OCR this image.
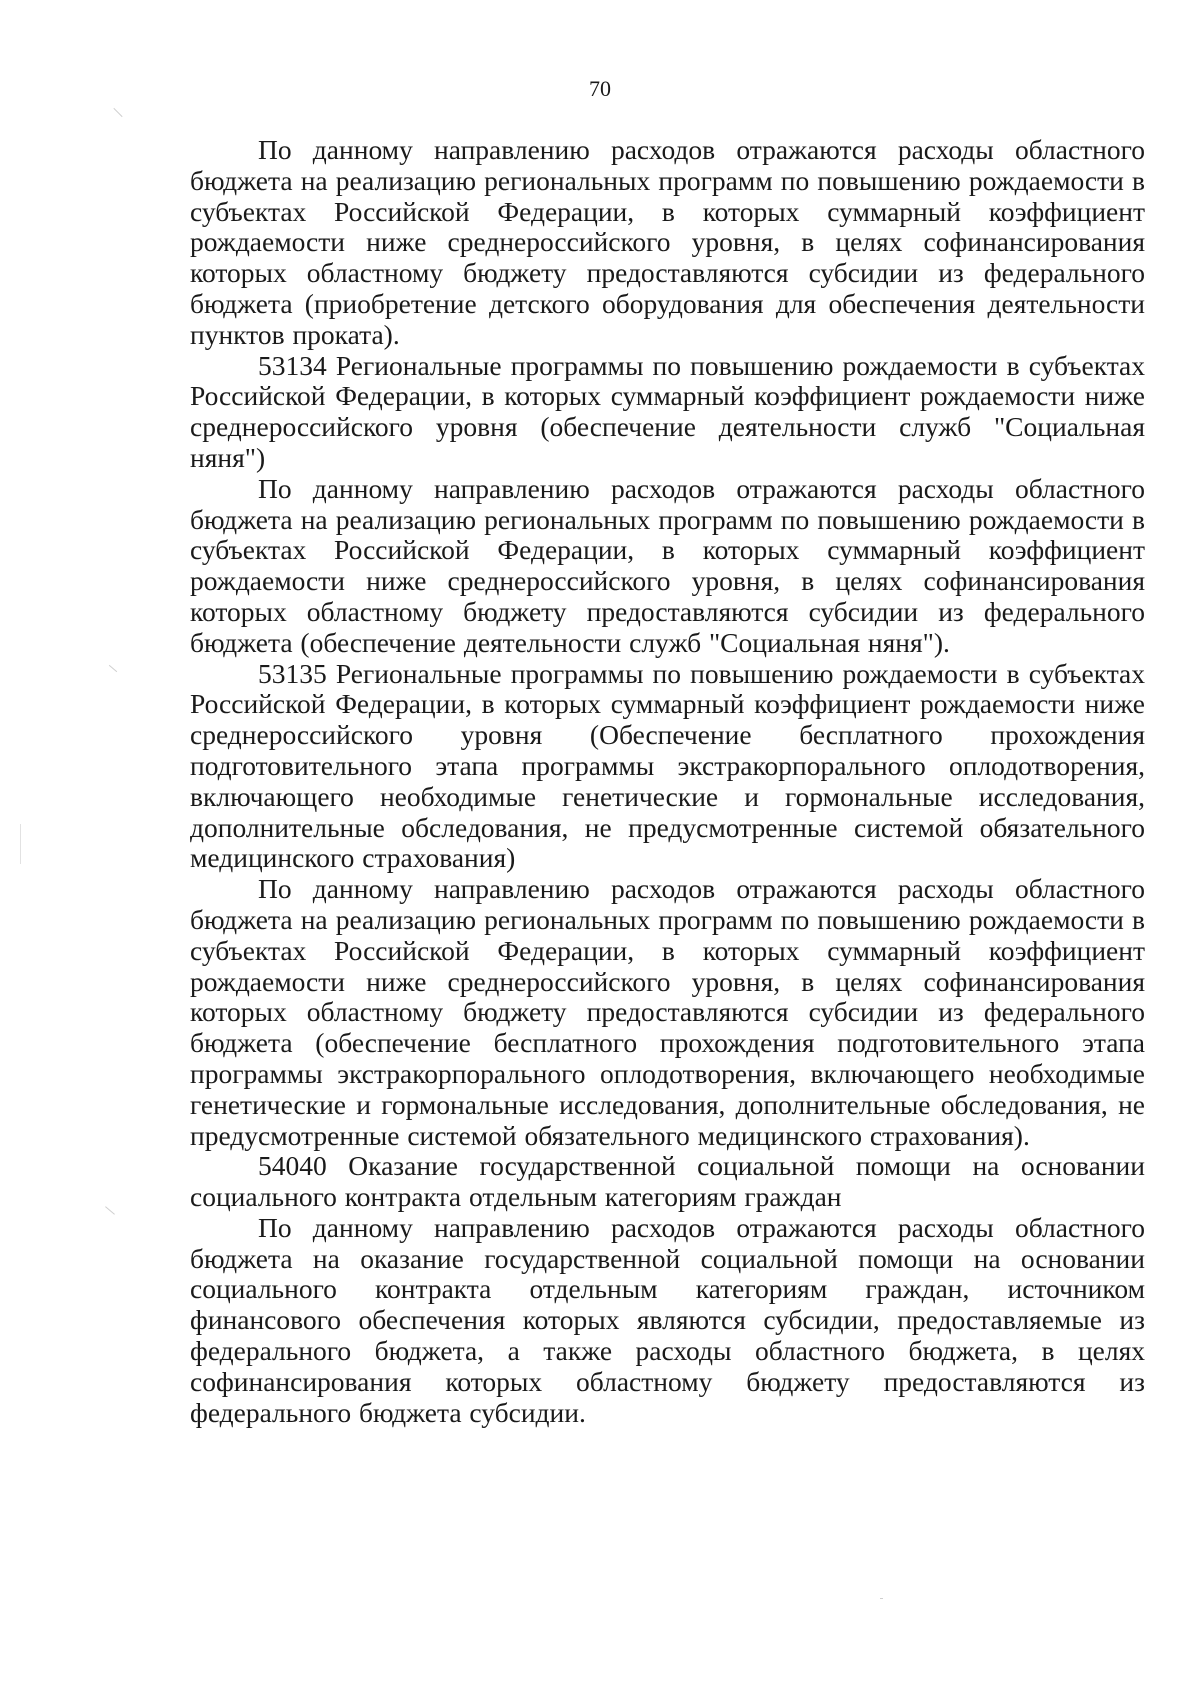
70

По данному направлению расходов отражаются расходы областного бюджета на реализацию региональных программ по повышению рождаемости в субъектах Российской Федерации, в которых суммарный коэффициент рождаемости ниже среднероссийского уровня, в целях софинансирования которых областному бюджету предоставляются субсидии из федерального бюджета (приобретение детского оборудования для обеспечения деятельности пунктов проката).

53134 Региональные программы по повышению рождаемости в субъектах Российской Федерации, в которых суммарный коэффициент рождаемости ниже среднероссийского уровня (обеспечение деятельности служб "Социальная няня")

По данному направлению расходов отражаются расходы областного бюджета на реализацию региональных программ по повышению рождаемости в субъектах Российской Федерации, в которых суммарный коэффициент рождаемости ниже среднероссийского уровня, в целях софинансирования которых областному бюджету предоставляются субсидии из федерального бюджета (обеспечение деятельности служб "Социальная няня").

53135 Региональные программы по повышению рождаемости в субъектах Российской Федерации, в которых суммарный коэффициент рождаемости ниже среднероссийского уровня (Обеспечение бесплатного прохождения подготовительного этапа программы экстракорпорального оплодотворения, включающего необходимые генетические и гормональные исследования, дополнительные обследования, не предусмотренные системой обязательного медицинского страхования)

По данному направлению расходов отражаются расходы областного бюджета на реализацию региональных программ по повышению рождаемости в субъектах Российской Федерации, в которых суммарный коэффициент рождаемости ниже среднероссийского уровня, в целях софинансирования которых областному бюджету предоставляются субсидии из федерального бюджета (обеспечение бесплатного прохождения подготовительного этапа программы экстракорпорального оплодотворения, включающего необходимые генетические и гормональные исследования, дополнительные обследования, не предусмотренные системой обязательного медицинского страхования).

54040 Оказание государственной социальной помощи на основании социального контракта отдельным категориям граждан

По данному направлению расходов отражаются расходы областного бюджета на оказание государственной социальной помощи на основании социального контракта отдельным категориям граждан, источником финансового обеспечения которых являются субсидии, предоставляемые из федерального бюджета, а также расходы областного бюджета, в целях софинансирования которых областному бюджету предоставляются из федерального бюджета субсидии.
